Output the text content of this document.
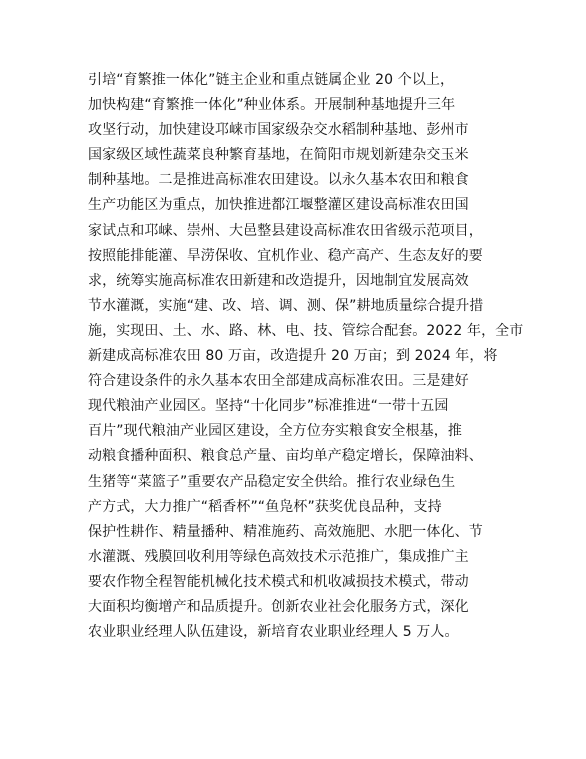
引培“育繁推一体化”链主企业和重点链属企业 20 个以上，
加快构建“育繁推一体化”种业体系。开展制种基地提升三年
攻坚行动，加快建设邛崃市国家级杂交水稻制种基地、彭州市
国家级区域性蔬菜良种繁育基地，在简阳市规划新建杂交玉米
制种基地。二是推进高标准农田建设。以永久基本农田和粮食
生产功能区为重点，加快推进都江堰整灌区建设高标准农田国
家试点和邛崃、崇州、大邑整县建设高标准农田省级示范项目，
按照能排能灌、旱涝保收、宜机作业、稳产高产、生态友好的要
求，统筹实施高标准农田新建和改造提升，因地制宜发展高效
节水灌溉，实施“建、改、培、调、测、保”耕地质量综合提升措
施，实现田、土、水、路、林、电、技、管综合配套。2022 年，全市
新建成高标准农田 80 万亩，改造提升 20 万亩；到 2024 年，将
符合建设条件的永久基本农田全部建成高标准农田。三是建好
现代粮油产业园区。坚持“十化同步”标准推进“一带十五园
百片”现代粮油产业园区建设，全方位夯实粮食安全根基，推
动粮食播种面积、粮食总产量、亩均单产稳定增长，保障油料、
生猪等“菜篮子”重要农产品稳定安全供给。推行农业绿色生
产方式，大力推广“稻香杯”“鱼凫杯”获奖优良品种，支持
保护性耕作、精量播种、精准施药、高效施肥、水肥一体化、节
水灌溉、残膜回收利用等绿色高效技术示范推广，集成推广主
要农作物全程智能机械化技术模式和机收减损技术模式，带动
大面积均衡增产和品质提升。创新农业社会化服务方式，深化
农业职业经理人队伍建设，新培育农业职业经理人 5 万人。
